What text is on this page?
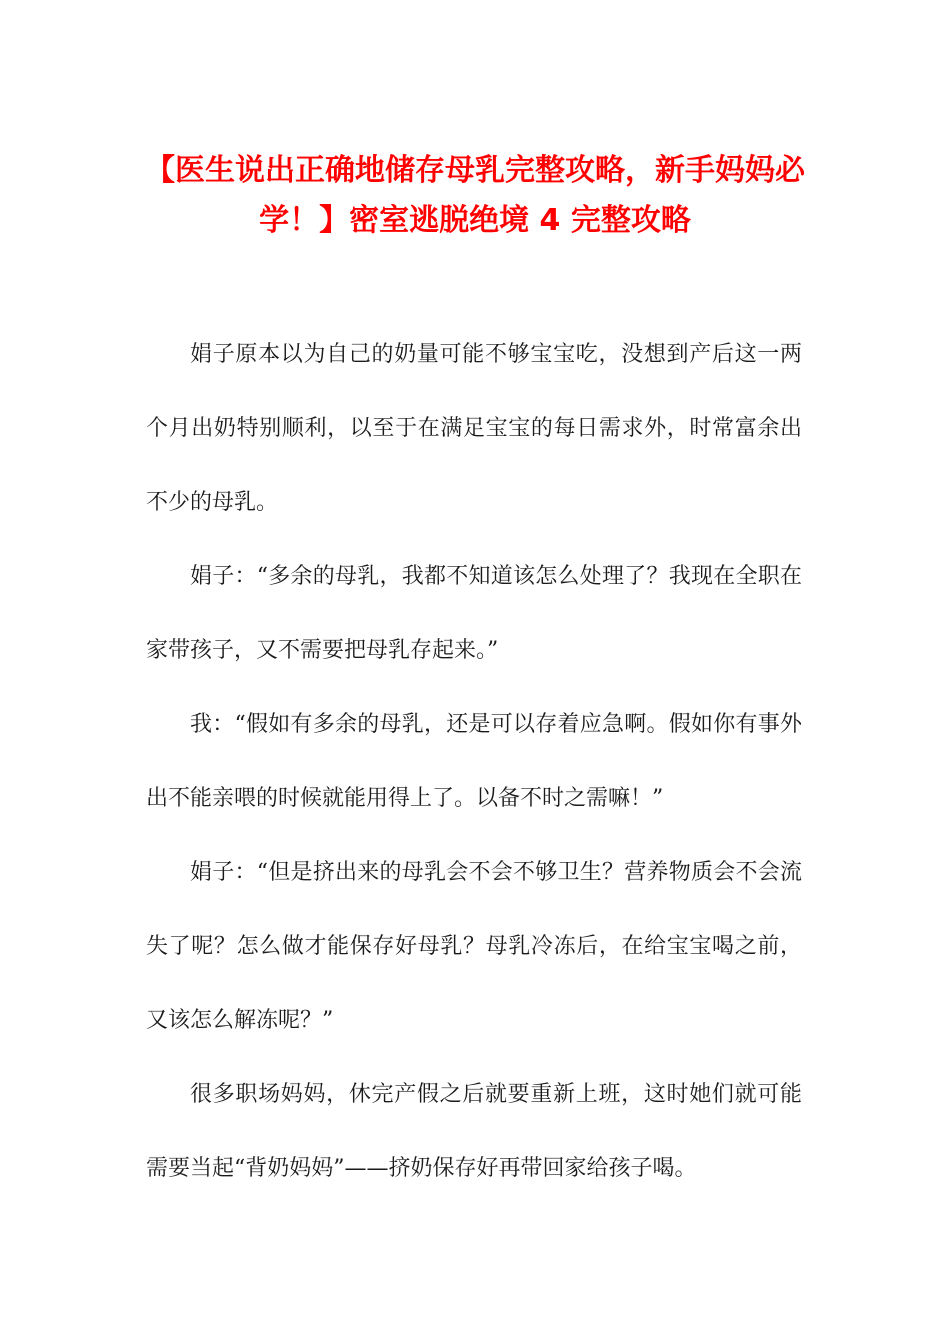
【医生说出正确地储存母乳完整攻略，新手妈妈必学！】密室逃脱绝境 4 完整攻略

娟子原本以为自己的奶量可能不够宝宝吃，没想到产后这一两个月出奶特别顺利，以至于在满足宝宝的每日需求外，时常富余出不少的母乳。

娟子：“多余的母乳，我都不知道该怎么处理了？我现在全职在家带孩子，又不需要把母乳存起来。”

我：“假如有多余的母乳，还是可以存着应急啊。假如你有事外出不能亲喂的时候就能用得上了。以备不时之需嘛！”

娟子：“但是挤出来的母乳会不会不够卫生？营养物质会不会流失了呢？怎么做才能保存好母乳？母乳冷冻后，在给宝宝喝之前，又该怎么解冻呢？”

很多职场妈妈，休完产假之后就要重新上班，这时她们就可能需要当起“背奶妈妈”——挤奶保存好再带回家给孩子喝。
